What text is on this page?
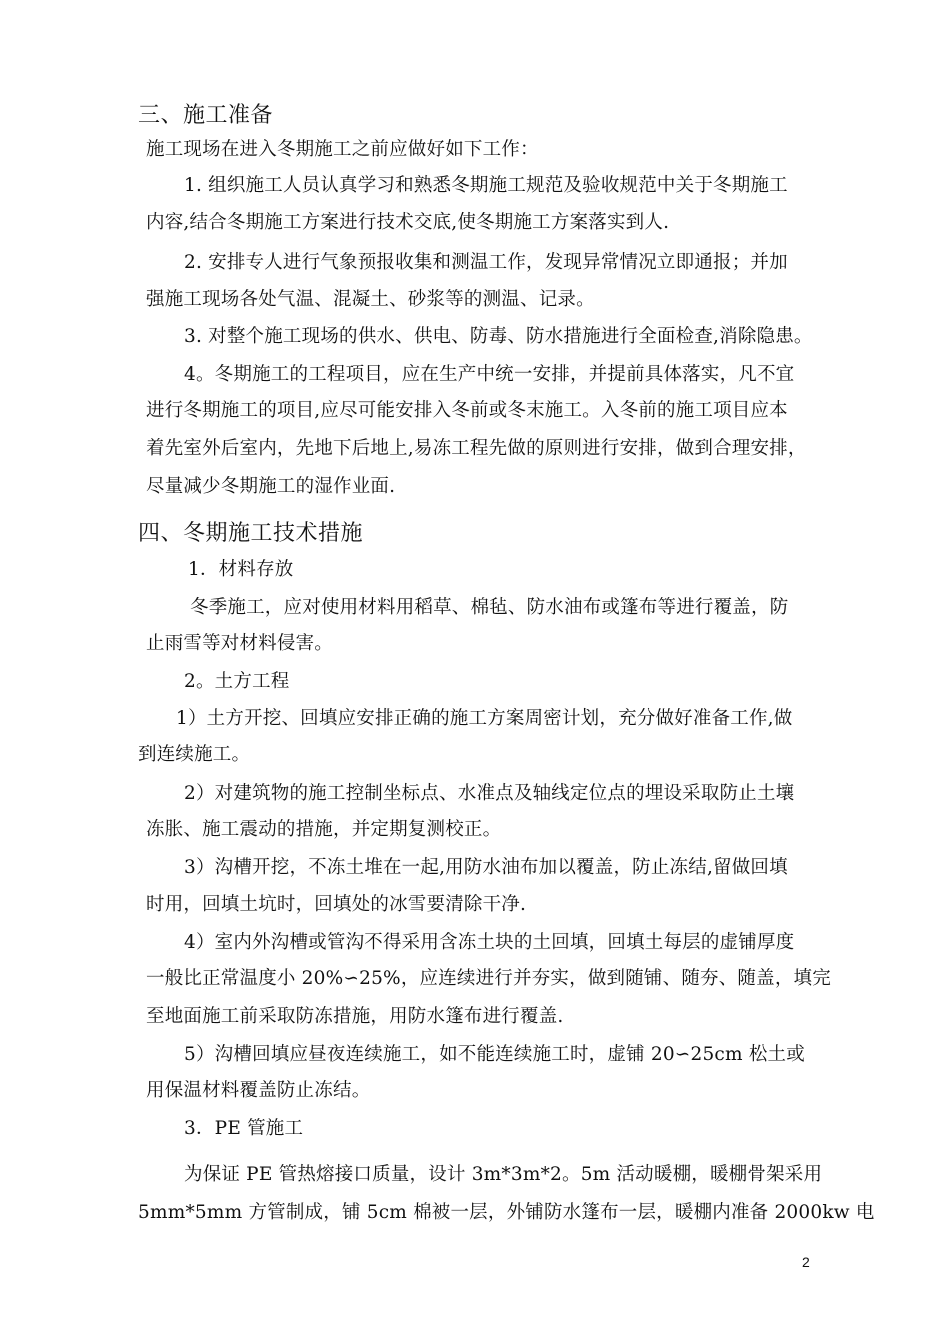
三、施工准备
施工现场在进入冬期施工之前应做好如下工作：
1. 组织施工人员认真学习和熟悉冬期施工规范及验收规范中关于冬期施工
内容,结合冬期施工方案进行技术交底,使冬期施工方案落实到人.
2. 安排专人进行气象预报收集和测温工作，发现异常情况立即通报；并加
强施工现场各处气温、混凝土、砂浆等的测温、记录。
3. 对整个施工现场的供水、供电、防毒、防水措施进行全面检查,消除隐患。
4。冬期施工的工程项目，应在生产中统一安排，并提前具体落实，凡不宜
进行冬期施工的项目,应尽可能安排入冬前或冬末施工。入冬前的施工项目应本
着先室外后室内，先地下后地上,易冻工程先做的原则进行安排，做到合理安排，
尽量减少冬期施工的湿作业面.
四、冬期施工技术措施
1．材料存放
冬季施工，应对使用材料用稻草、棉毡、防水油布或篷布等进行覆盖，防
止雨雪等对材料侵害。
2。土方工程
1）土方开挖、回填应安排正确的施工方案周密计划，充分做好准备工作,做
到连续施工。
2）对建筑物的施工控制坐标点、水准点及轴线定位点的埋设采取防止土壤
冻胀、施工震动的措施，并定期复测校正。
3）沟槽开挖，不冻土堆在一起,用防水油布加以覆盖，防止冻结,留做回填
时用，回填土坑时，回填处的冰雪要清除干净.
4）室内外沟槽或管沟不得采用含冻土块的土回填，回填土每层的虚铺厚度
一般比正常温度小 20%∽25%，应连续进行并夯实，做到随铺、随夯、随盖，填完
至地面施工前采取防冻措施，用防水篷布进行覆盖.
5）沟槽回填应昼夜连续施工，如不能连续施工时，虚铺 20∽25cm 松土或
用保温材料覆盖防止冻结。
3．PE 管施工
为保证 PE 管热熔接口质量，设计 3m*3m*2。5m 活动暖棚，暖棚骨架采用
5mm*5mm 方管制成，铺 5cm 棉被一层，外铺防水篷布一层，暖棚内准备 2000kw 电
2
